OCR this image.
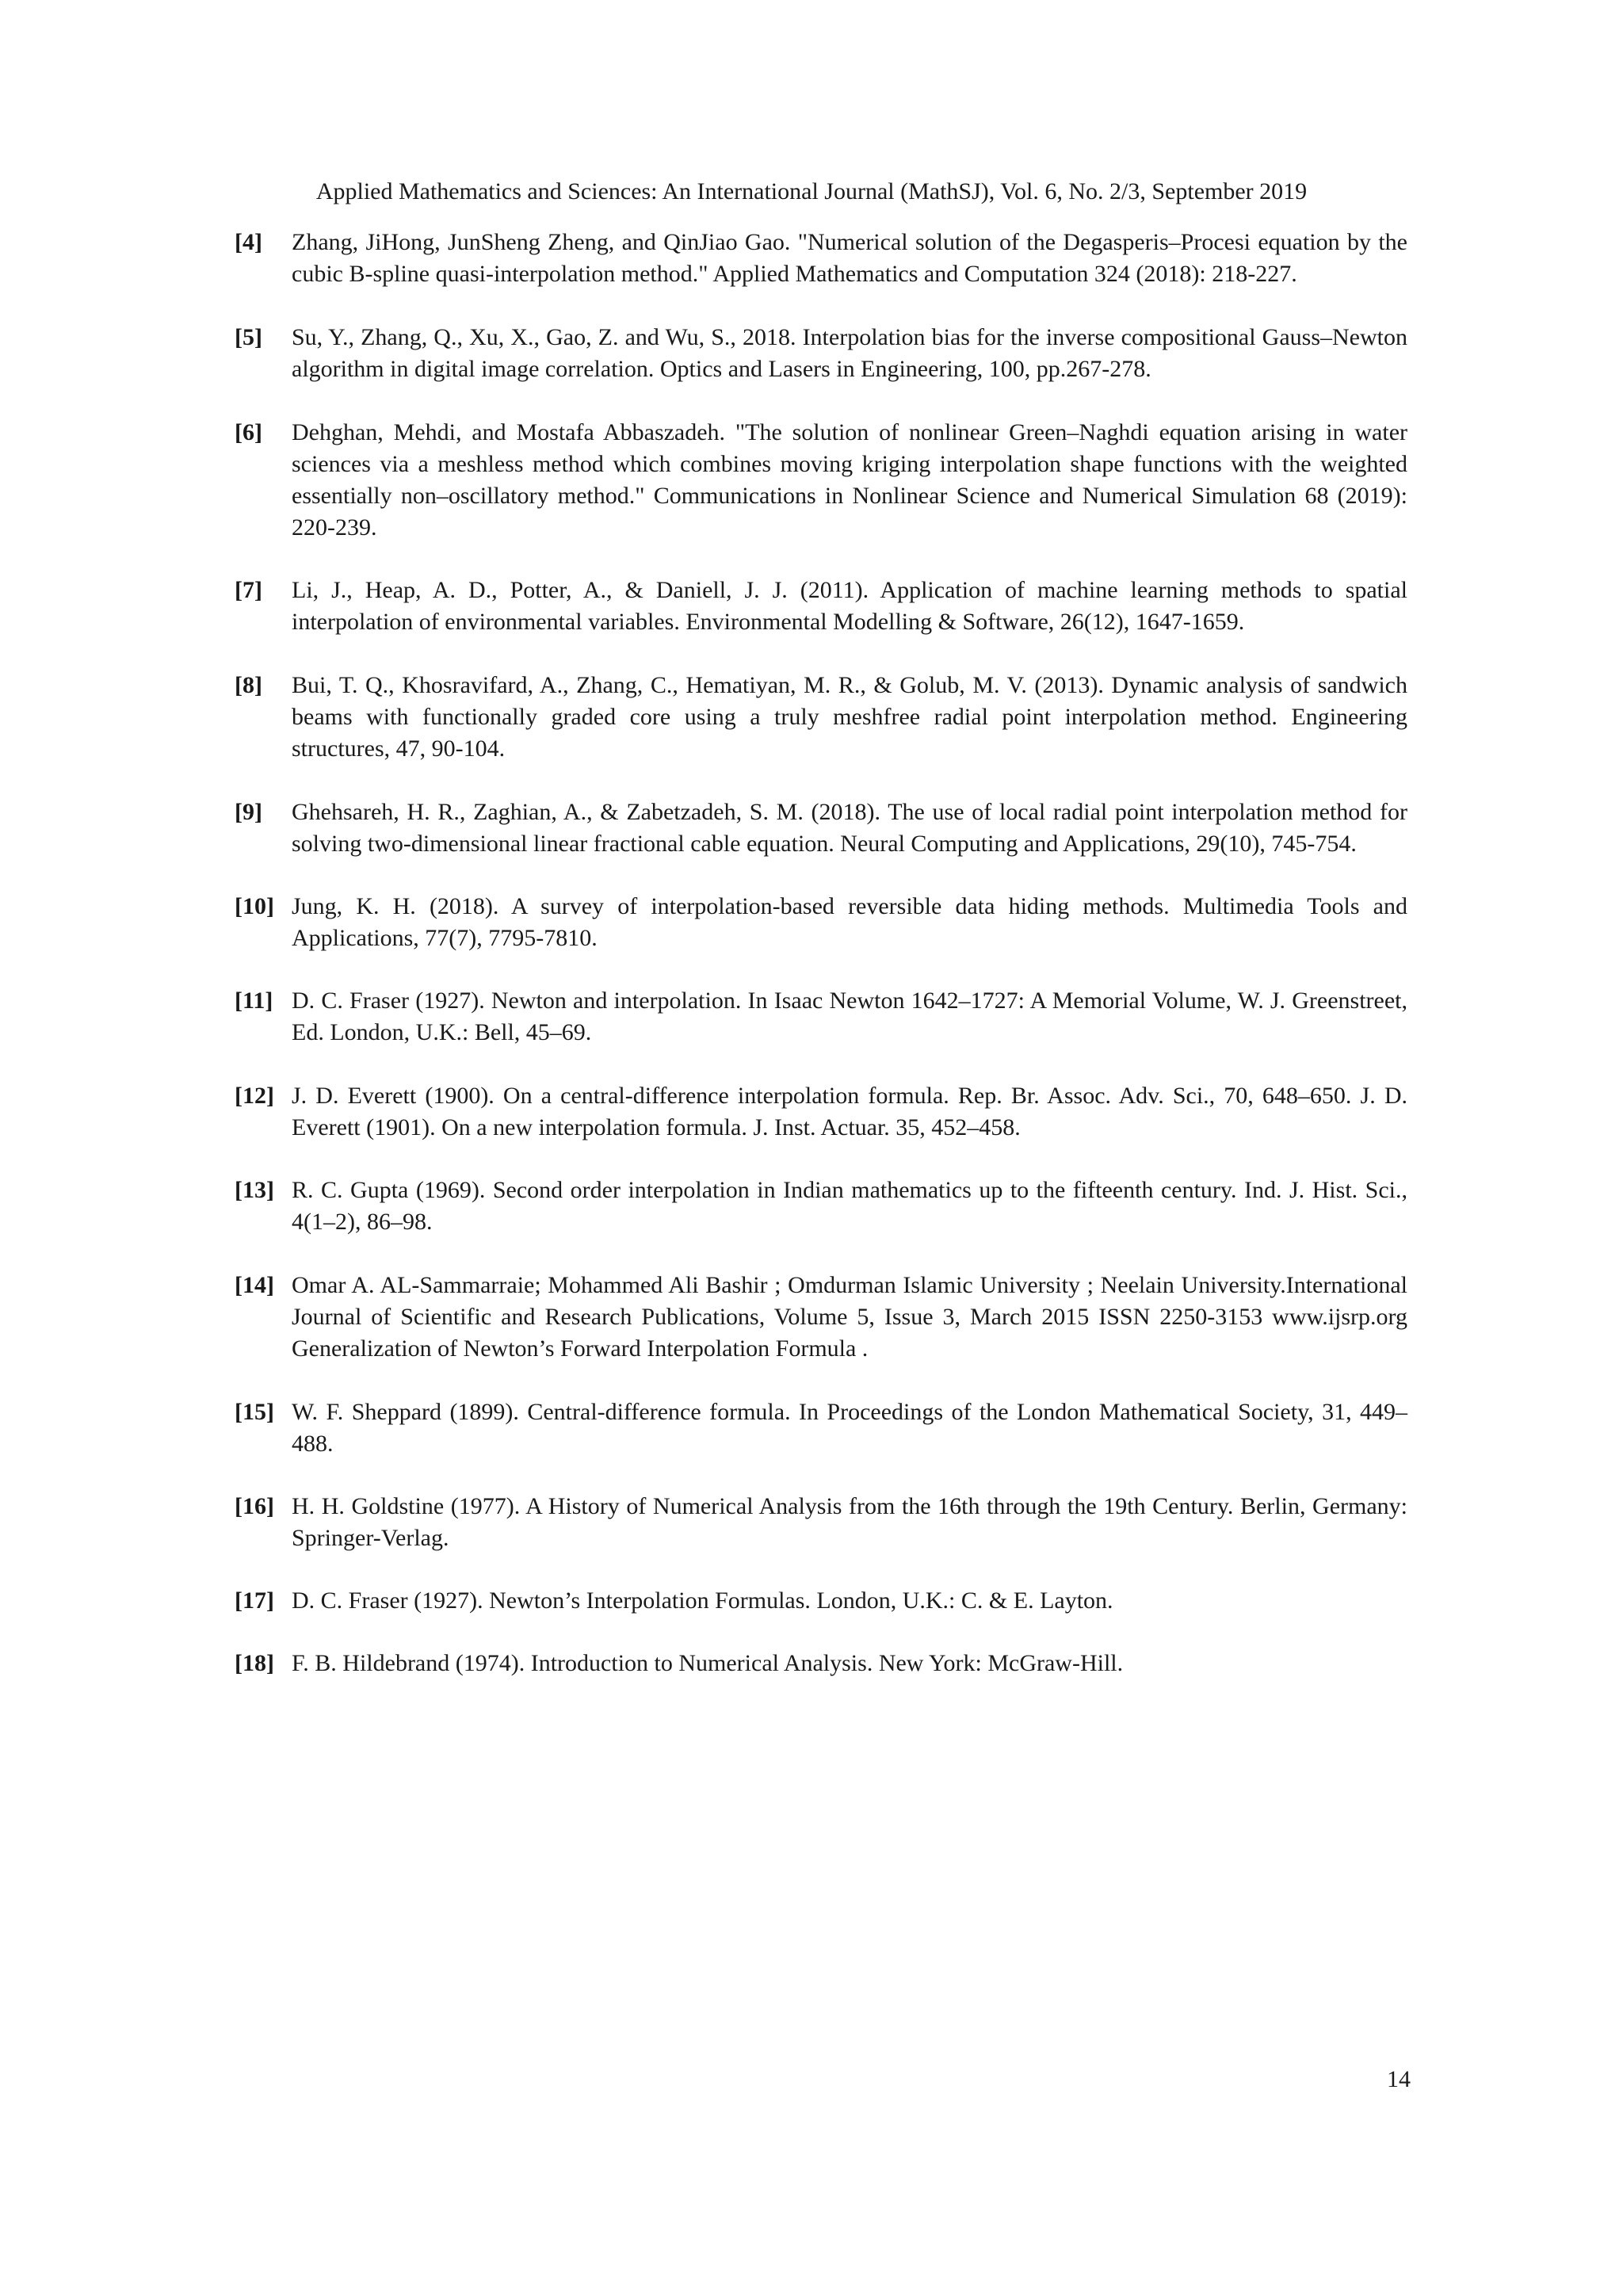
Applied Mathematics and Sciences: An International Journal (MathSJ), Vol. 6, No. 2/3, September 2019
[4] Zhang, JiHong, JunSheng Zheng, and QinJiao Gao. "Numerical solution of the Degasperis–Procesi equation by the cubic B-spline quasi-interpolation method." Applied Mathematics and Computation 324 (2018): 218-227.
[5] Su, Y., Zhang, Q., Xu, X., Gao, Z. and Wu, S., 2018. Interpolation bias for the inverse compositional Gauss–Newton algorithm in digital image correlation. Optics and Lasers in Engineering, 100, pp.267-278.
[6] Dehghan, Mehdi, and Mostafa Abbaszadeh. "The solution of nonlinear Green–Naghdi equation arising in water sciences via a meshless method which combines moving kriging interpolation shape functions with the weighted essentially non–oscillatory method." Communications in Nonlinear Science and Numerical Simulation 68 (2019): 220-239.
[7] Li, J., Heap, A. D., Potter, A., & Daniell, J. J. (2011). Application of machine learning methods to spatial interpolation of environmental variables. Environmental Modelling & Software, 26(12), 1647-1659.
[8] Bui, T. Q., Khosravifard, A., Zhang, C., Hematiyan, M. R., & Golub, M. V. (2013). Dynamic analysis of sandwich beams with functionally graded core using a truly meshfree radial point interpolation method. Engineering structures, 47, 90-104.
[9] Ghehsareh, H. R., Zaghian, A., & Zabetzadeh, S. M. (2018). The use of local radial point interpolation method for solving two-dimensional linear fractional cable equation. Neural Computing and Applications, 29(10), 745-754.
[10] Jung, K. H. (2018). A survey of interpolation-based reversible data hiding methods. Multimedia Tools and Applications, 77(7), 7795-7810.
[11] D. C. Fraser (1927). Newton and interpolation. In Isaac Newton 1642–1727: A Memorial Volume, W. J. Greenstreet, Ed. London, U.K.: Bell, 45–69.
[12] J. D. Everett (1900). On a central-difference interpolation formula. Rep. Br. Assoc. Adv. Sci., 70, 648–650. J. D. Everett (1901). On a new interpolation formula. J. Inst. Actuar. 35, 452–458.
[13] R. C. Gupta (1969). Second order interpolation in Indian mathematics up to the fifteenth century. Ind. J. Hist. Sci., 4(1–2), 86–98.
[14] Omar A. AL-Sammarraie; Mohammed Ali Bashir ; Omdurman Islamic University ; Neelain University.International Journal of Scientific and Research Publications, Volume 5, Issue 3, March 2015 ISSN 2250-3153 www.ijsrp.org Generalization of Newton’s Forward Interpolation Formula .
[15] W. F. Sheppard (1899). Central-difference formula. In Proceedings of the London Mathematical Society, 31, 449–488.
[16] H. H. Goldstine (1977). A History of Numerical Analysis from the 16th through the 19th Century. Berlin, Germany: Springer-Verlag.
[17] D. C. Fraser (1927). Newton’s Interpolation Formulas. London, U.K.: C. & E. Layton.
[18] F. B. Hildebrand (1974). Introduction to Numerical Analysis. New York: McGraw-Hill.
14
